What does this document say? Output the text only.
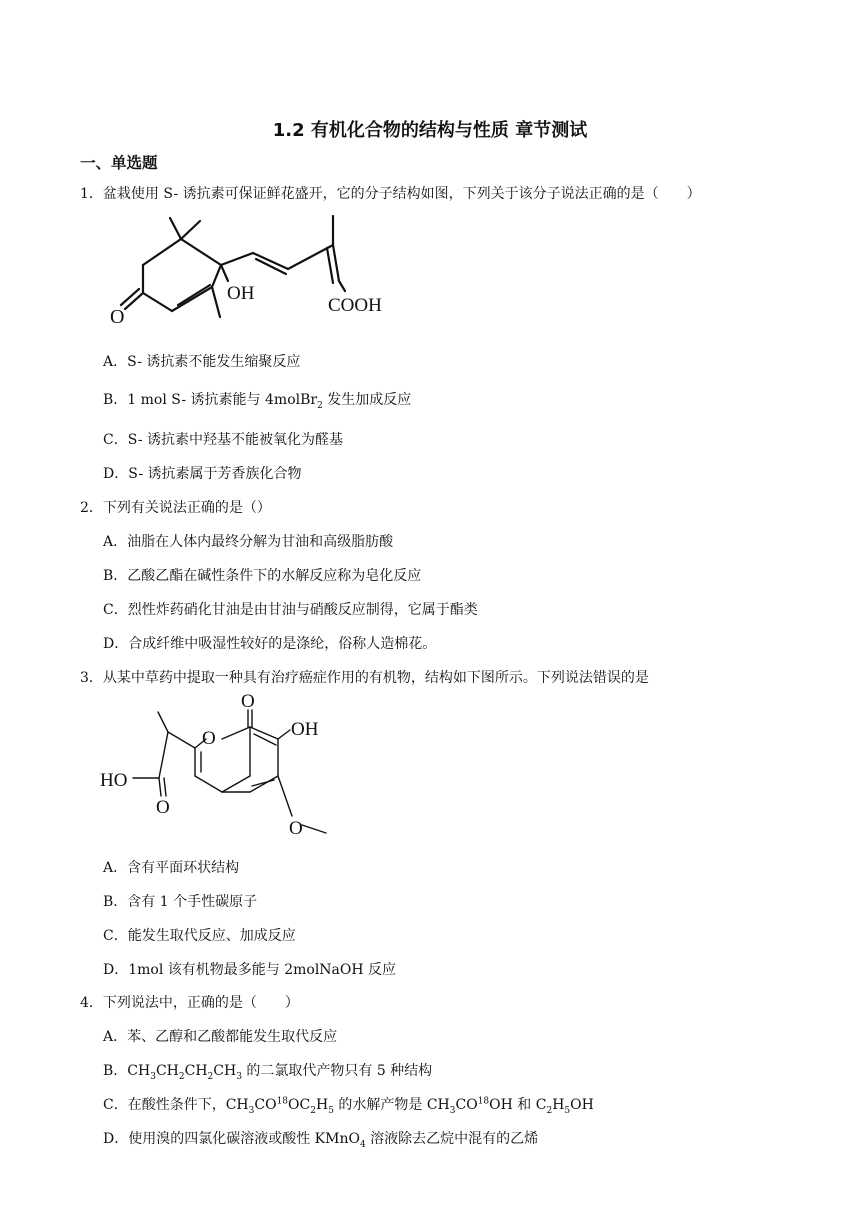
1.2 有机化合物的结构与性质 章节测试
一、单选题
1．盆栽使用 S- 诱抗素可保证鲜花盛开，它的分子结构如图，下列关于该分子说法正确的是（　　）
OH
COOH
O
A．S- 诱抗素不能发生缩聚反应
B．1 mol S- 诱抗素能与 4molBr$_2$ 发生加成反应
C．S- 诱抗素中羟基不能被氧化为醛基
D．S- 诱抗素属于芳香族化合物
2．下列有关说法正确的是（）
A．油脂在人体内最终分解为甘油和高级脂肪酸
B．乙酸乙酯在碱性条件下的水解反应称为皂化反应
C．烈性炸药硝化甘油是由甘油与硝酸反应制得，它属于酯类
D．合成纤维中吸湿性较好的是涤纶，俗称人造棉花。
3．从某中草药中提取一种具有治疗癌症作用的有机物，结构如下图所示。下列说法错误的是
O
O	OH
HO
O
O
A．含有平面环状结构
B．含有 1 个手性碳原子
C．能发生取代反应、加成反应
D．1mol 该有机物最多能与 2molNaOH 反应
4．下列说法中，正确的是（　　）
A．苯、乙醇和乙酸都能发生取代反应
B．$CH_3CH_2CH_2CH_3$ 的二氯取代产物只有 5 种结构
C．在酸性条件下，$CH_3CO^{18}OC_2H_5$ 的水解产物是 $CH_3CO^{18}OH$ 和 $C_2H_5OH$
D．使用溴的四氯化碳溶液或酸性 KMnO$_4$ 溶液除去乙烷中混有的乙烯
